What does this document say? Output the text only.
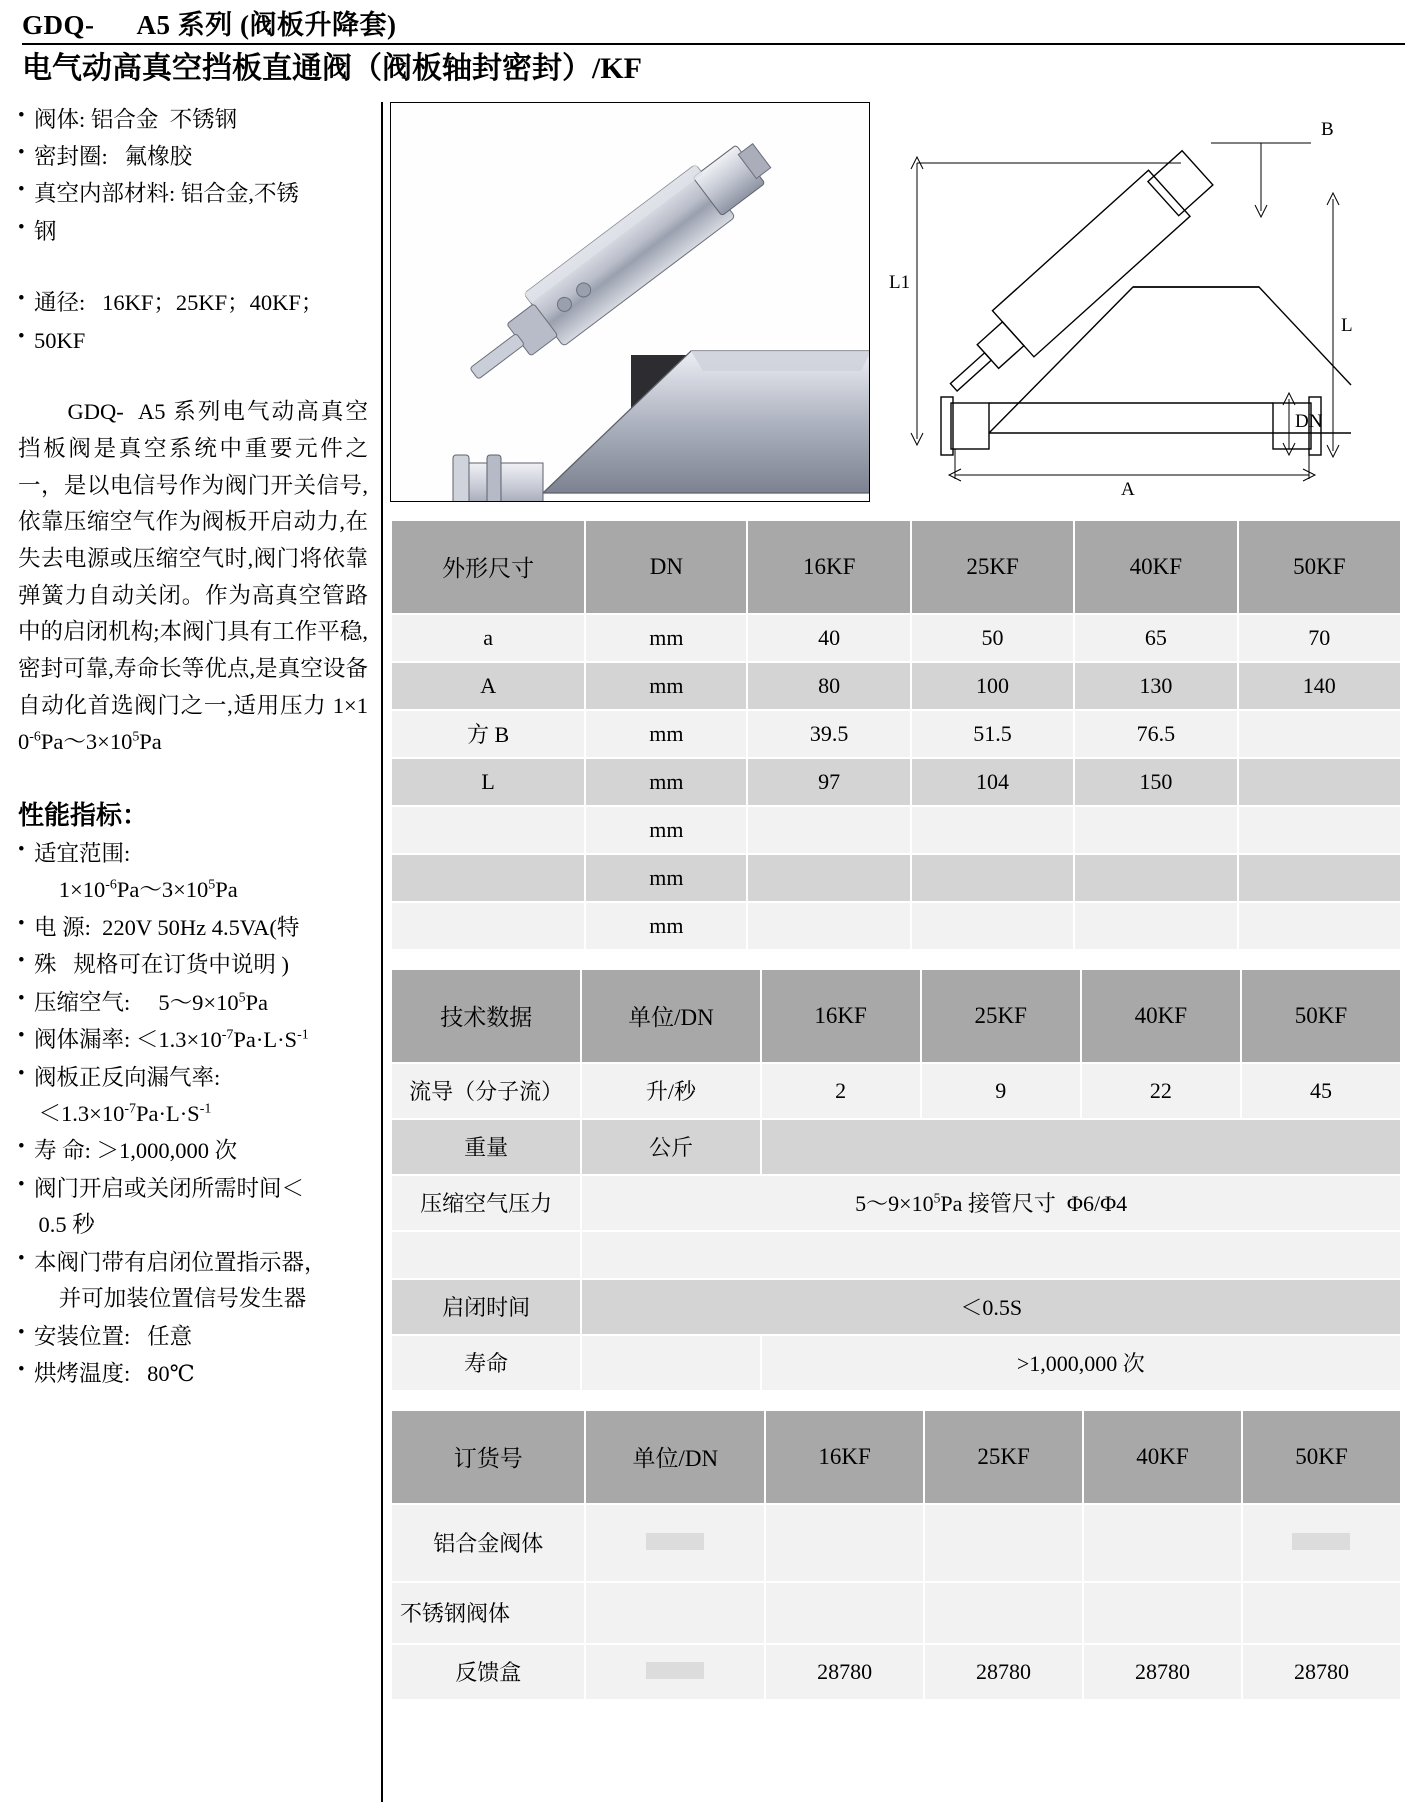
GDQ-      A5 系列 (阀板升降套)
电气动高真空挡板直通阀（阀板轴封密封）/KF
• 阀体: 铝合金  不锈钢
• 密封圈:   氟橡胶
• 真空内部材料: 铝合金,不锈
• 钢
• 通径:   16KF；25KF；40KF；
• 50KF

GDQ-  A5 系列电气动高真空挡板阀是真空系统中重要元件之一，是以电信号作为阀门开关信号,依靠压缩空气作为阀板开启动力,在失去电源或压缩空气时,阀门将依靠弹簧力自动关闭。作为高真空管路中的启闭机构;本阀门具有工作平稳,密封可靠,寿命长等优点,是真空设备自动化首选阀门之一,适用压力 $1\times 10^{-6}Pa\sim 3\times 10^5Pa$

性能指标：
• 适宜范围:
$1\times 10^{-6}Pa\sim 3\times 10^5Pa$
• 电 源:  220V 50Hz 4.5VA(特
• 殊   规格可在订货中说明 )
• 压缩空气:     $5\sim 9\times 10^5Pa$
• 阀体漏率: $<1.3\times 10^{-7}Pa\cdot L\cdot S^{-1}$
• 阀板正反向漏气率:
$<1.3\times 10^{-7}Pa\cdot L\cdot S^{-1}$
• 寿 命: ＞1,000,000 次
• 阀门开启或关闭所需时间＜
0.5 秒
• 本阀门带有启闭位置指示器，
并可加装位置信号发生器
• 安装位置:   任意
• 烘烤温度:   80℃
L1
B
L
DN
A
外形尺寸	DN	16KF	25KF	40KF	50KF
a	mm	40	50	65	70
A	mm	80	100	130	140
方 B	mm	39.5	51.5	76.5	
L	mm	97	104	150	
	mm				
	mm				
	mm				
技术数据	单位/DN	16KF	25KF	40KF	50KF
流导（分子流）	升/秒	2	9	22	45
重量	公斤				
压缩空气压力	$5\sim 9\times 10^5Pa$ 接管尺寸  Φ6/Φ4				

启闭时间	＜0.5S				
寿命		>1,000,000 次			
订货号	单位/DN	16KF	25KF	40KF	50KF
铝合金阀体					
不锈钢阀体					
反馈盒		28780	28780	28780	28780
